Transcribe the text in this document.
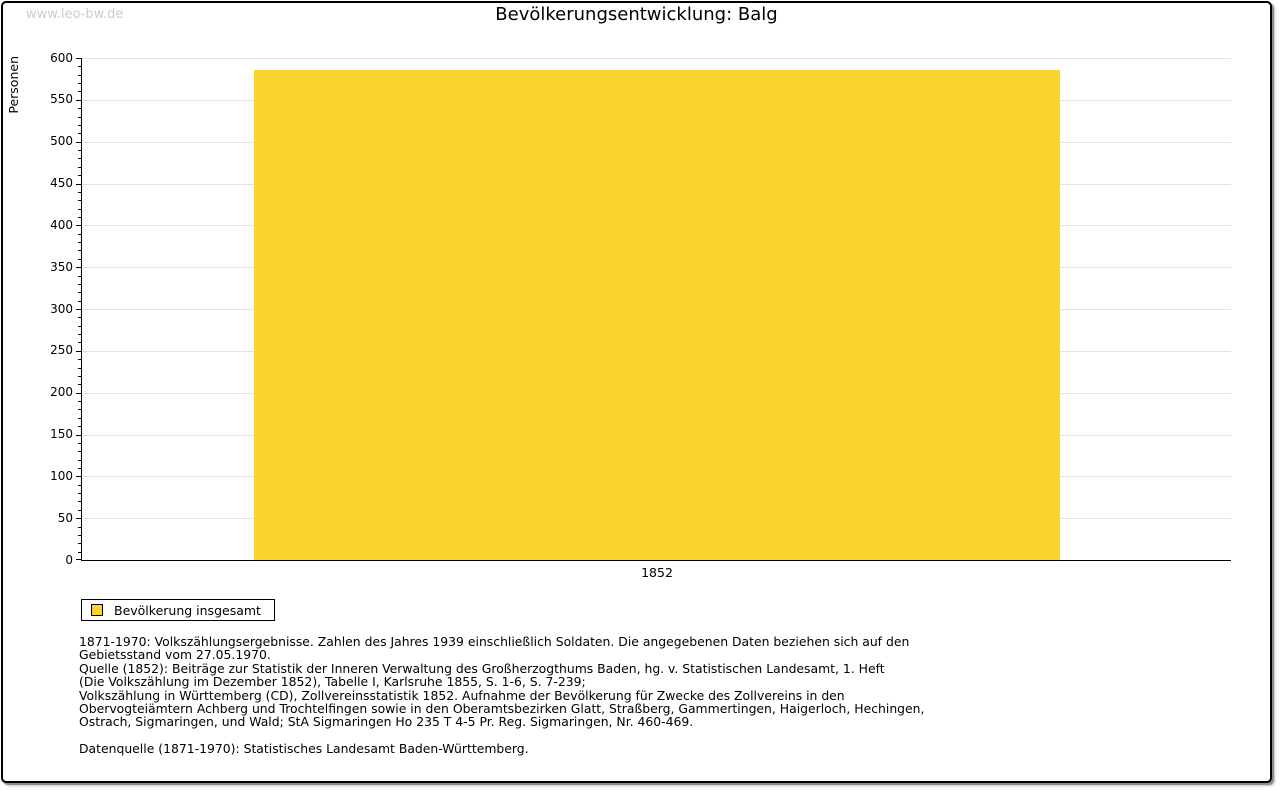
www.leo-bw.de	Bevölkerungsentwicklung: Balg
Personen
1852
0
50
100
150
200
250
300
350
400
450
500
550
600
Bevölkerung insgesamt
1871-1970: Volkszählungsergebnisse. Zahlen des Jahres 1939 einschließlich Soldaten. Die angegebenen Daten beziehen sich auf den
Gebietsstand vom 27.05.1970.
Quelle (1852): Beiträge zur Statistik der Inneren Verwaltung des Großherzogthums Baden, hg. v. Statistischen Landesamt, 1. Heft
(Die Volkszählung im Dezember 1852), Tabelle I, Karlsruhe 1855, S. 1-6, S. 7-239;
Volkszählung in Württemberg (CD), Zollvereinsstatistik 1852. Aufnahme der Bevölkerung für Zwecke des Zollvereins in den
Obervogteiämtern Achberg und Trochtelfingen sowie in den Oberamtsbezirken Glatt, Straßberg, Gammertingen, Haigerloch, Hechingen,
Ostrach, Sigmaringen, und Wald; StA Sigmaringen Ho 235 T 4-5 Pr. Reg. Sigmaringen, Nr. 460-469.
Datenquelle (1871-1970): Statistisches Landesamt Baden-Württemberg.
